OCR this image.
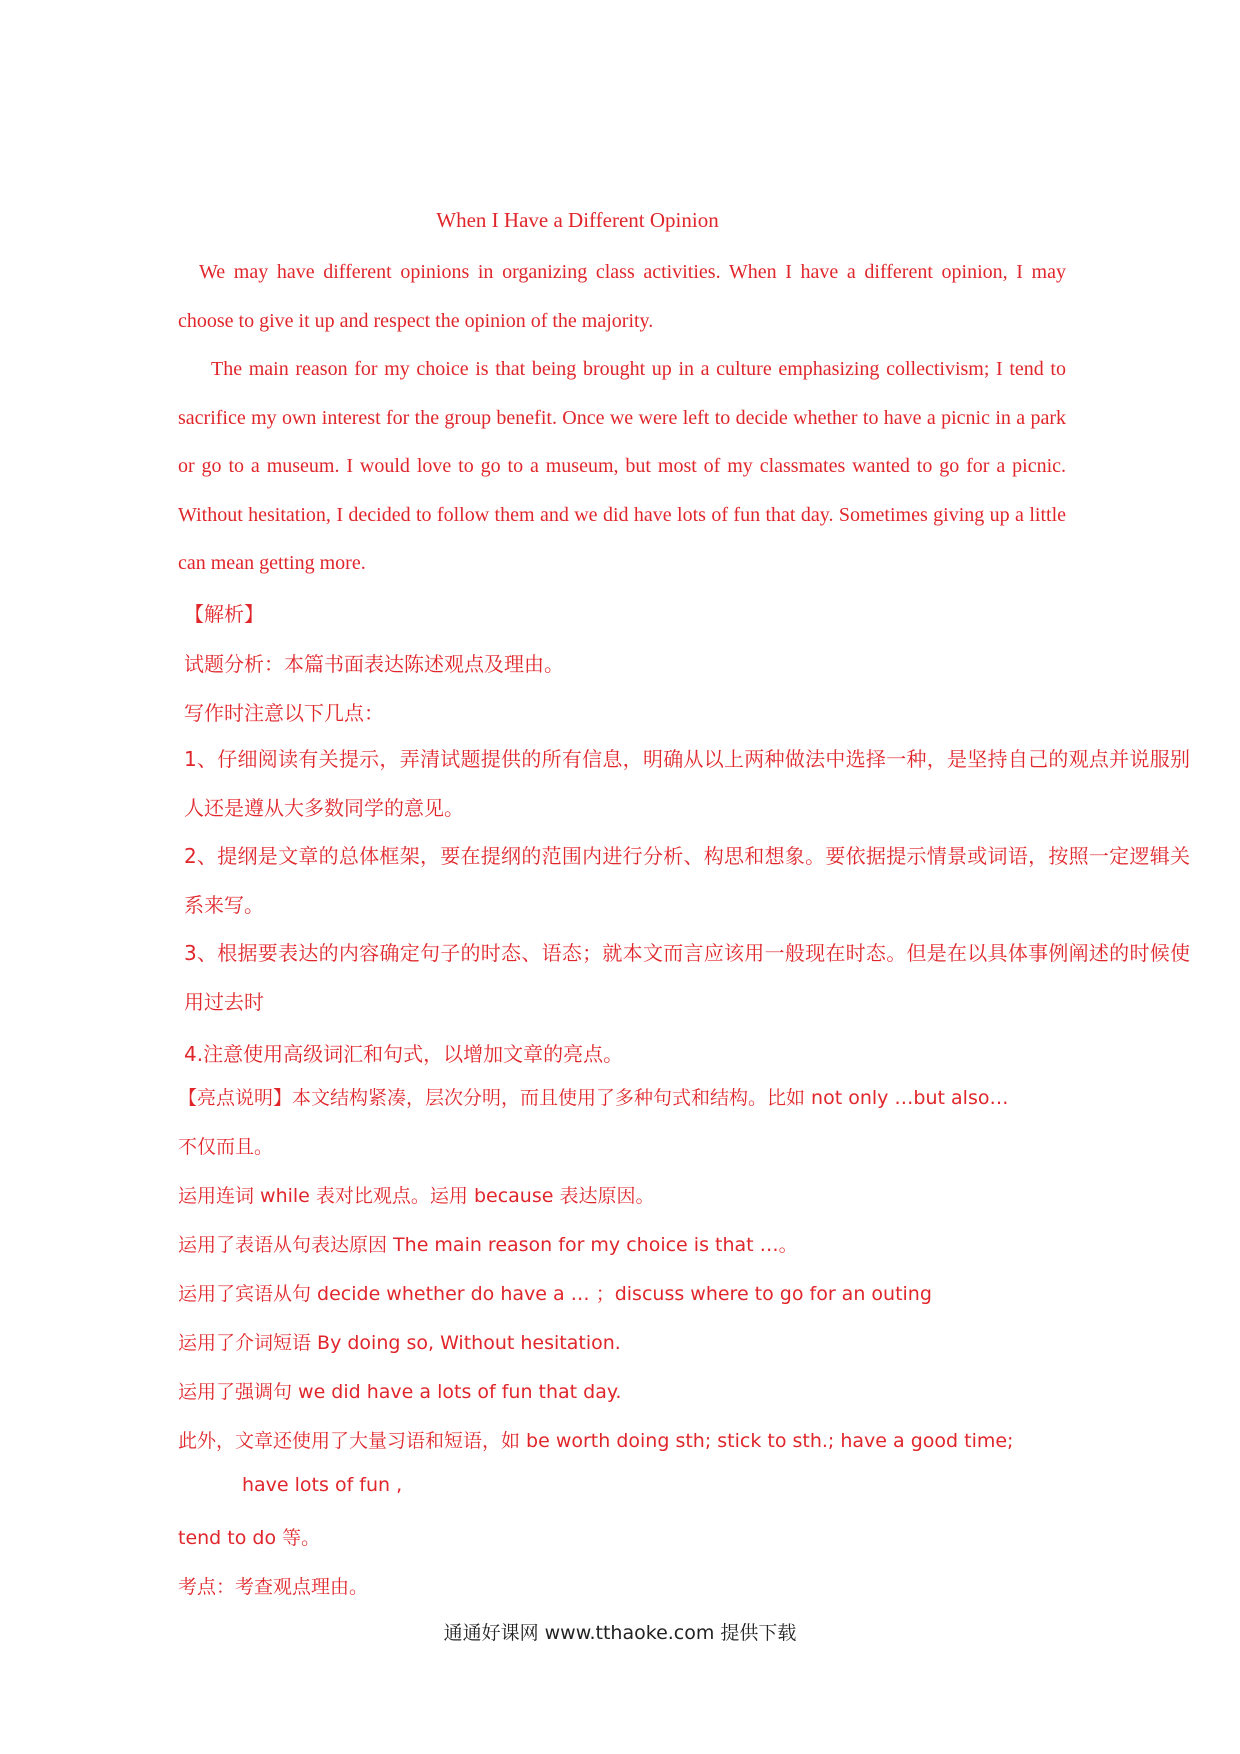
When I Have a Different Opinion
We may have different opinions in organizing class activities. When I have a different opinion, I may choose to give it up and respect the opinion of the majority.
The main reason for my choice is that being brought up in a culture emphasizing collectivism; I tend to sacrifice my own interest for the group benefit. Once we were left to decide whether to have a picnic in a park or go to a museum. I would love to go to a museum, but most of my classmates wanted to go for a picnic. Without hesitation, I decided to follow them and we did have lots of fun that day. Sometimes giving up a little can mean getting more.
【解析】
试题分析：本篇书面表达陈述观点及理由。
写作时注意以下几点：
1、仔细阅读有关提示，弄清试题提供的所有信息，明确从以上两种做法中选择一种，是坚持自己的观点并说服别人还是遵从大多数同学的意见。
2、提纲是文章的总体框架，要在提纲的范围内进行分析、构思和想象。要依据提示情景或词语，按照一定逻辑关系来写。
3、根据要表达的内容确定句子的时态、语态；就本文而言应该用一般现在时态。但是在以具体事例阐述的时候使用过去时
4.注意使用高级词汇和句式，以增加文章的亮点。
【亮点说明】本文结构紧凑，层次分明，而且使用了多种句式和结构。比如 not only …but also…
不仅而且。
运用连词 while 表对比观点。运用 because 表达原因。
运用了表语从句表达原因 The main reason for my choice is that …。
运用了宾语从句 decide whether do have a … ；discuss where to go for an outing
运用了介词短语 By doing so, Without hesitation.
运用了强调句 we did have a lots of fun that day.
此外，文章还使用了大量习语和短语，如 be worth doing sth; stick to sth.; have a good time;
have lots of fun ,
tend to do 等。
考点：考查观点理由。
通通好课网 www.tthaoke.com 提供下载
